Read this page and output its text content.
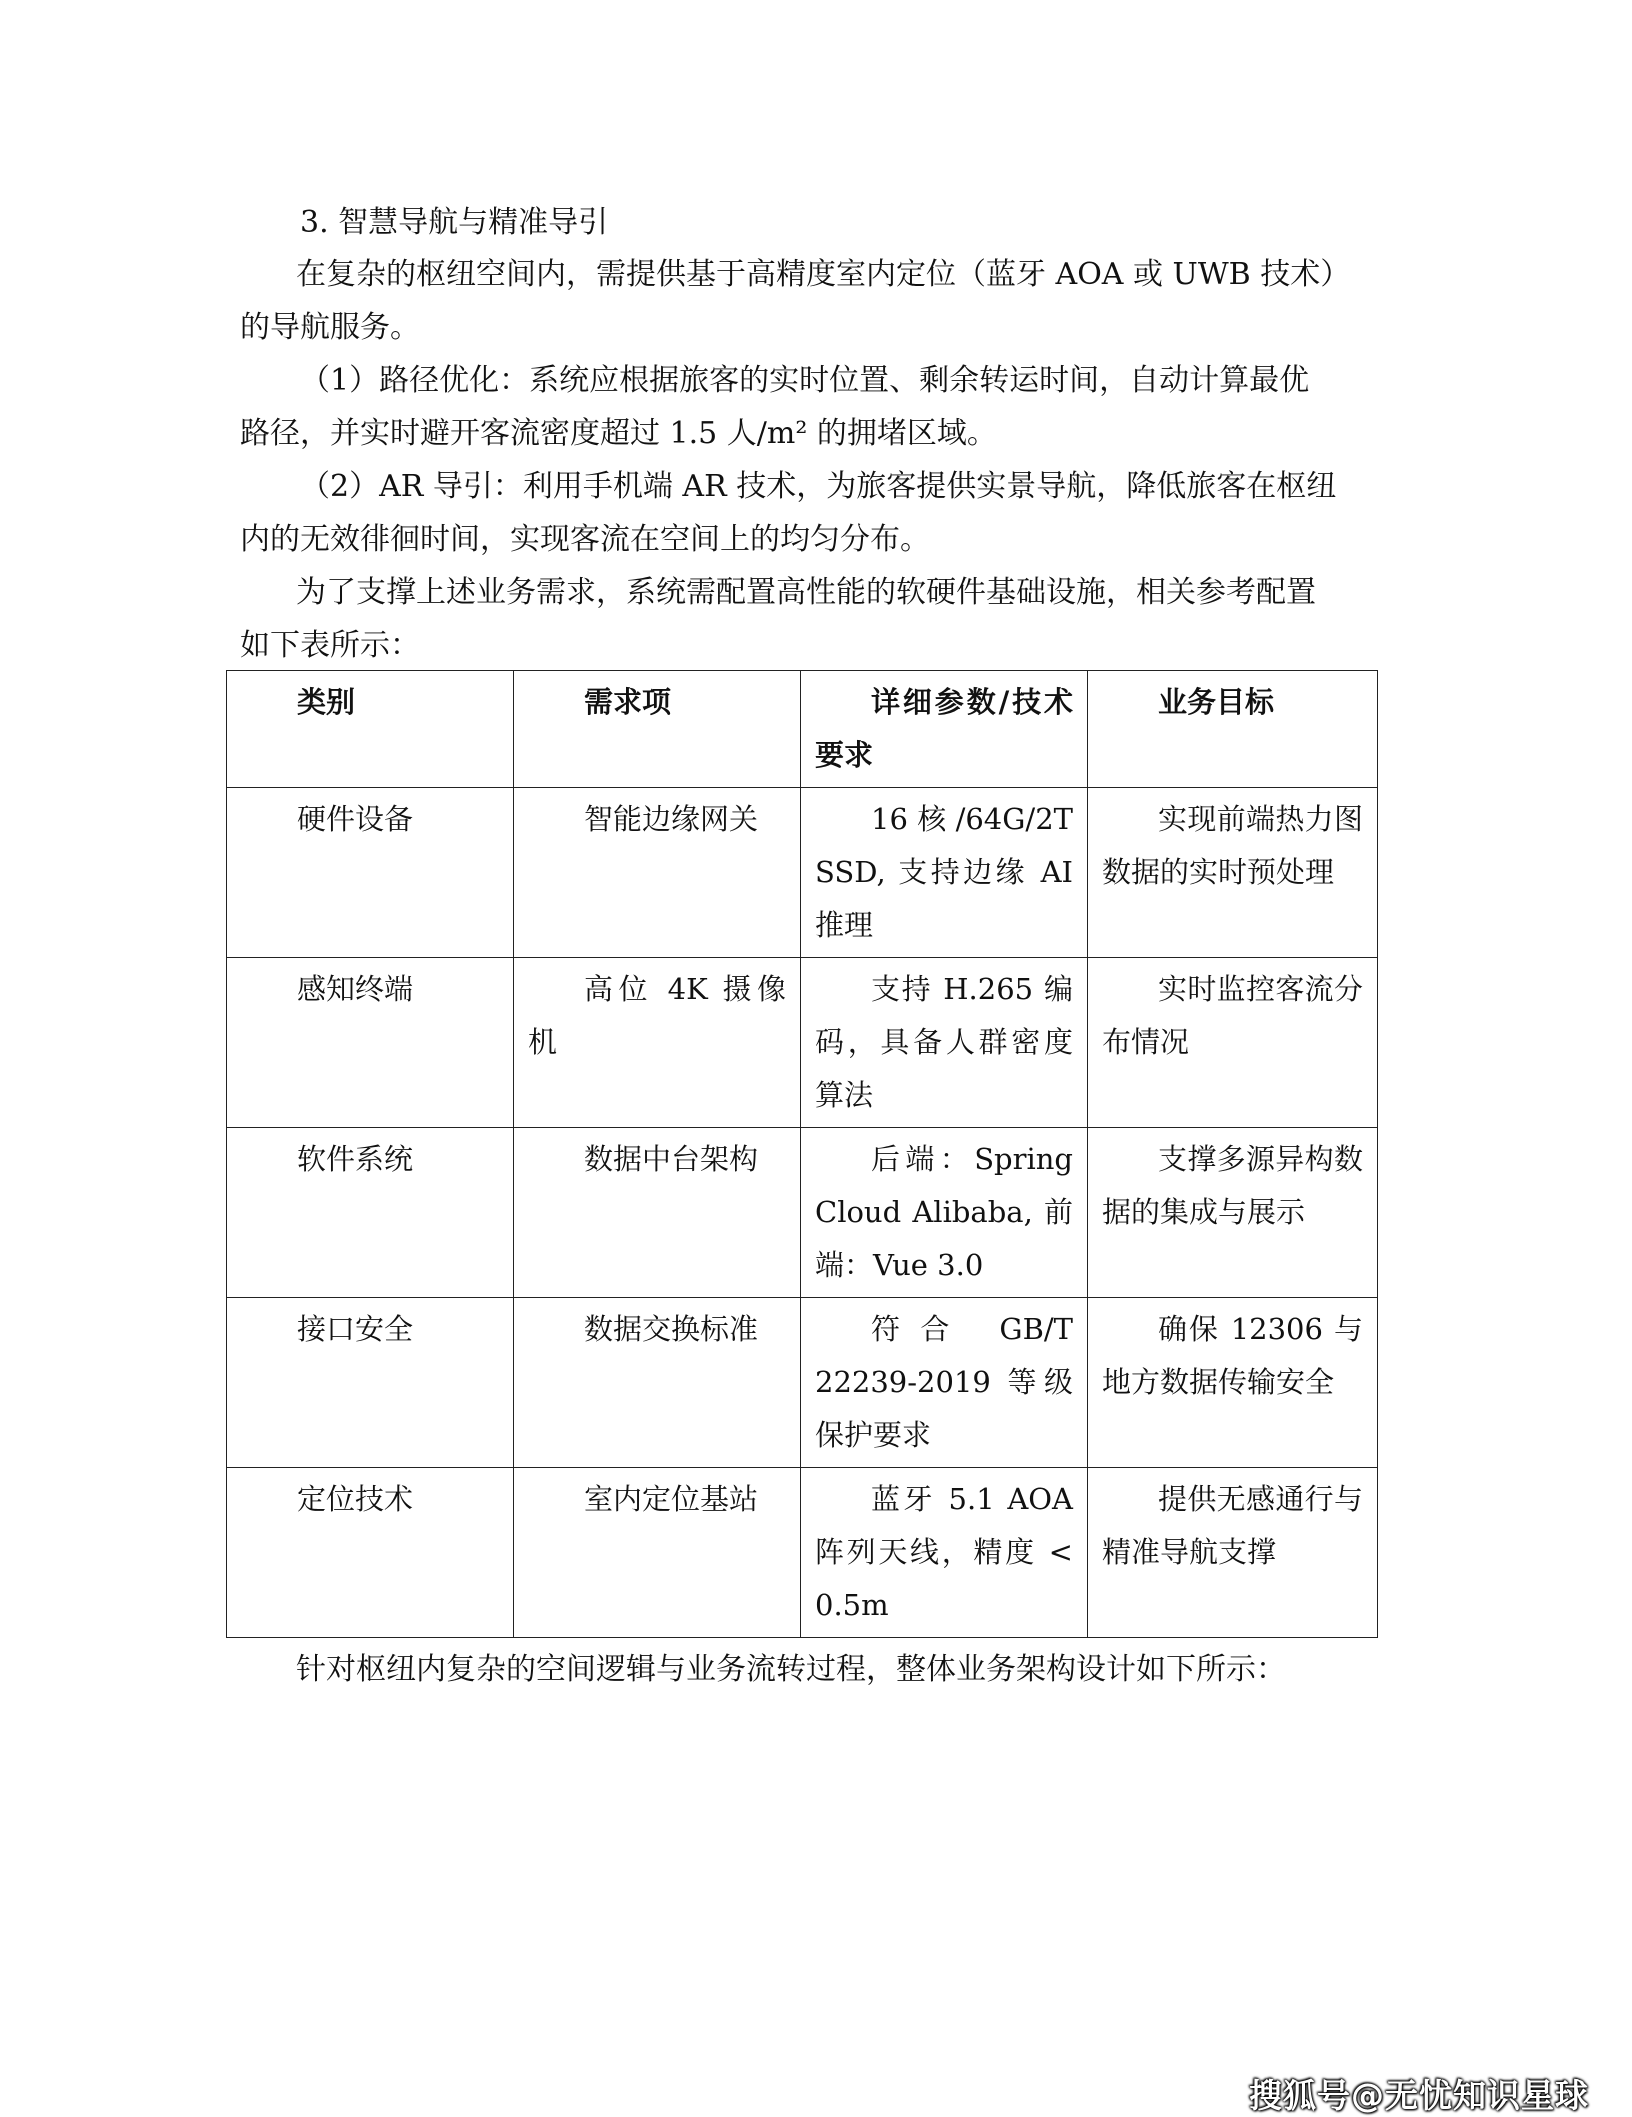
3. 智慧导航与精准导引

在复杂的枢纽空间内，需提供基于高精度室内定位（蓝牙 AOA 或 UWB 技术）

的导航服务。

（1）路径优化：系统应根据旅客的实时位置、剩余转运时间，自动计算最优

路径，并实时避开客流密度超过 1.5 人/m² 的拥堵区域。

（2）AR 导引：利用手机端 AR 技术，为旅客提供实景导航，降低旅客在枢纽

内的无效徘徊时间，实现客流在空间上的均匀分布。

为了支撑上述业务需求，系统需配置高性能的软硬件基础设施，相关参考配置

如下表所示：

类别	需求项	详细参数/技术要求	业务目标
硬件设备	智能边缘网关	16 核 /64G/2T SSD, 支持边缘 AI 推理	实现前端热力图数据的实时预处理
感知终端	高位 4K 摄像机	支持 H.265 编码，具备人群密度算法	实时监控客流分布情况
软件系统	数据中台架构	后端：Spring Cloud Alibaba, 前端：Vue 3.0	支撑多源异构数据的集成与展示
接口安全	数据交换标准	符合 GB/T 22239-2019 等级保护要求	确保 12306 与地方数据传输安全
定位技术	室内定位基站	蓝牙 5.1 AOA 阵列天线，精度 < 0.5m	提供无感通行与精准导航支撑

针对枢纽内复杂的空间逻辑与业务流转过程，整体业务架构设计如下所示：

搜狐号@无忧知识星球
